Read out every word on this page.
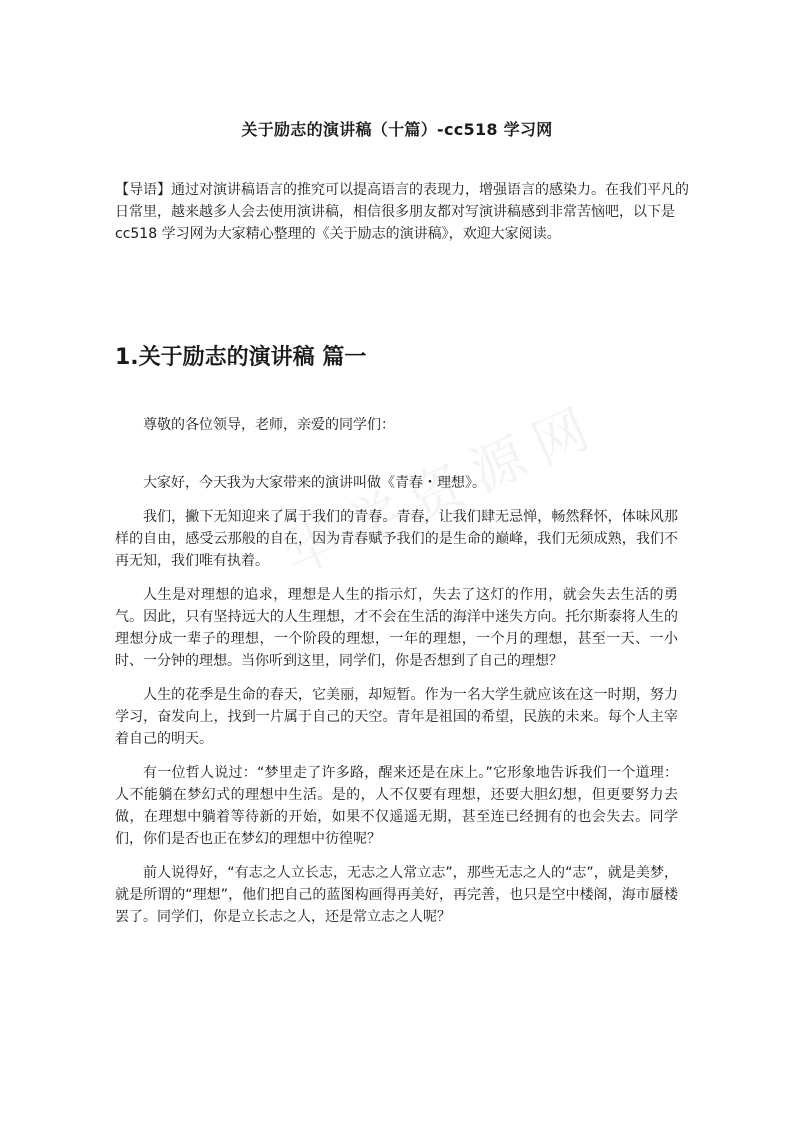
关于励志的演讲稿（十篇）-cc518 学习网

【导语】通过对演讲稿语言的推究可以提高语言的表现力，增强语言的感染力。在我们平凡的日常里，越来越多人会去使用演讲稿，相信很多朋友都对写演讲稿感到非常苦恼吧，以下是 cc518 学习网为大家精心整理的《关于励志的演讲稿》，欢迎大家阅读。

1.关于励志的演讲稿 篇一

尊敬的各位领导，老师，亲爱的同学们：

大家好，今天我为大家带来的演讲叫做《青春・理想》。

我们，撇下无知迎来了属于我们的青春。青春，让我们肆无忌惮，畅然释怀，体味风那样的自由，感受云那般的自在，因为青春赋予我们的是生命的巅峰，我们无须成熟，我们不再无知，我们唯有执着。

人生是对理想的追求，理想是人生的指示灯，失去了这灯的作用，就会失去生活的勇气。因此，只有坚持远大的人生理想，才不会在生活的海洋中迷失方向。托尔斯泰将人生的理想分成一辈子的理想，一个阶段的理想，一年的理想，一个月的理想，甚至一天、一小时、一分钟的理想。当你听到这里，同学们，你是否想到了自己的理想？

人生的花季是生命的春天，它美丽，却短暂。作为一名大学生就应该在这一时期，努力学习，奋发向上，找到一片属于自己的天空。青年是祖国的希望，民族的未来。每个人主宰着自己的明天。

有一位哲人说过：“梦里走了许多路，醒来还是在床上。”它形象地告诉我们一个道理：人不能躺在梦幻式的理想中生活。是的，人不仅要有理想，还要大胆幻想，但更要努力去做，在理想中躺着等待新的开始，如果不仅遥遥无期，甚至连已经拥有的也会失去。同学们，你们是否也正在梦幻的理想中彷徨呢？

前人说得好，“有志之人立长志，无志之人常立志”，那些无志之人的“志”，就是美梦，就是所谓的“理想”，他们把自己的蓝图构画得再美好，再完善，也只是空中楼阁，海市蜃楼罢了。同学们，你是立长志之人，还是常立志之人呢？
